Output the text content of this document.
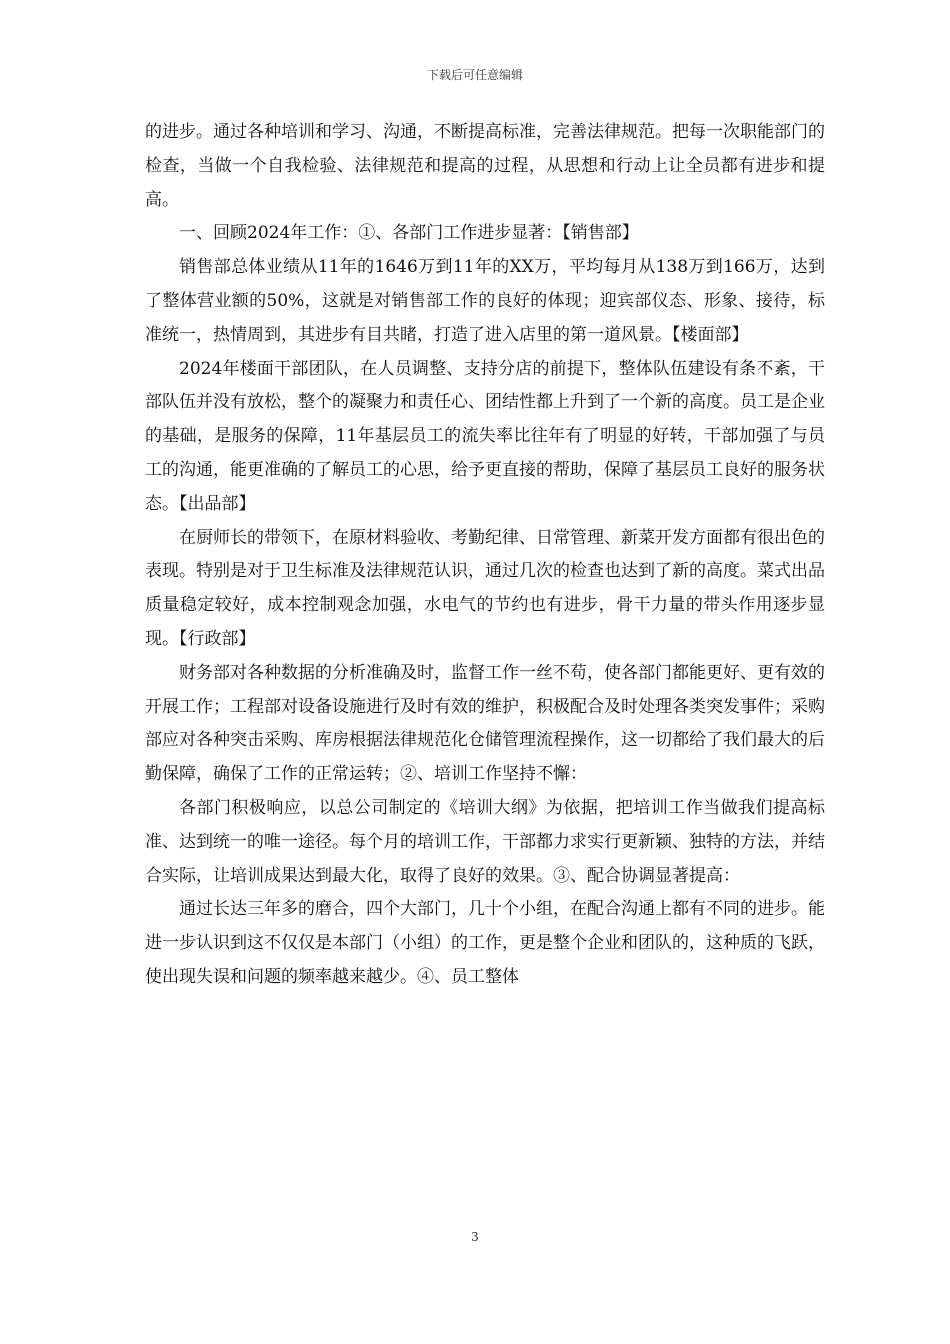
下载后可任意编辑

的进步。通过各种培训和学习、沟通，不断提高标准，完善法律规范。把每一次职能部门的检查，当做一个自我检验、法律规范和提高的过程，从思想和行动上让全员都有进步和提高。

一、回顾2024年工作：①、各部门工作进步显著：【销售部】

销售部总体业绩从11年的1646万到11年的XX万，平均每月从138万到166万，达到了整体营业额的50%，这就是对销售部工作的良好的体现；迎宾部仪态、形象、接待，标准统一，热情周到，其进步有目共睹，打造了进入店里的第一道风景。【楼面部】

2024年楼面干部团队，在人员调整、支持分店的前提下，整体队伍建设有条不紊，干部队伍并没有放松，整个的凝聚力和责任心、团结性都上升到了一个新的高度。员工是企业的基础，是服务的保障，11年基层员工的流失率比往年有了明显的好转，干部加强了与员工的沟通，能更准确的了解员工的心思，给予更直接的帮助，保障了基层员工良好的服务状态。【出品部】

在厨师长的带领下，在原材料验收、考勤纪律、日常管理、新菜开发方面都有很出色的表现。特别是对于卫生标准及法律规范认识，通过几次的检查也达到了新的高度。菜式出品质量稳定较好，成本控制观念加强，水电气的节约也有进步，骨干力量的带头作用逐步显现。【行政部】

财务部对各种数据的分析准确及时，监督工作一丝不苟，使各部门都能更好、更有效的开展工作；工程部对设备设施进行及时有效的维护，积极配合及时处理各类突发事件；采购部应对各种突击采购、库房根据法律规范化仓储管理流程操作，这一切都给了我们最大的后勤保障，确保了工作的正常运转；②、培训工作坚持不懈：

各部门积极响应，以总公司制定的《培训大纲》为依据，把培训工作当做我们提高标准、达到统一的唯一途径。每个月的培训工作，干部都力求实行更新颖、独特的方法，并结合实际，让培训成果达到最大化，取得了良好的效果。③、配合协调显著提高：

通过长达三年多的磨合，四个大部门，几十个小组，在配合沟通上都有不同的进步。能进一步认识到这不仅仅是本部门（小组）的工作，更是整个企业和团队的，这种质的飞跃，使出现失误和问题的频率越来越少。④、员工整体

3
